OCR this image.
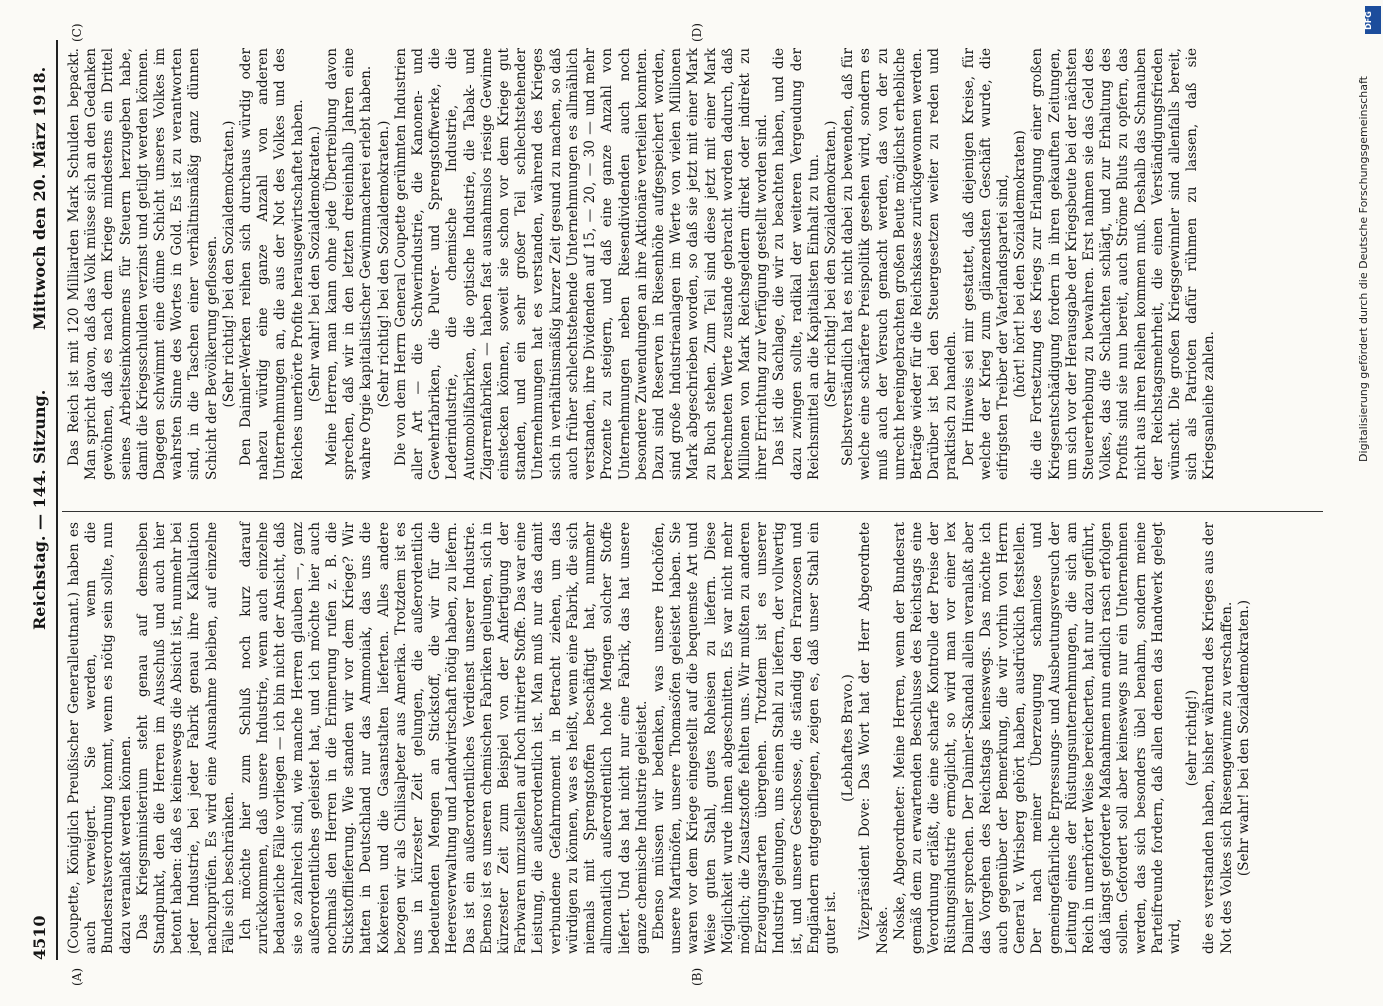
4510
Reichstag. — 144. Sitzung.
Mittwoch den 20. März 1918.
(A)	(B)
(C)	(D)

(Coupette, Königlich Preußischer Generalleutnant.) haben es auch verweigert. Sie werden, wenn die Bundesratsverordnung kommt, wenn es nötig sein sollte, nun dazu veranlaßt werden können. Das Kriegsministerium steht genau auf demselben Standpunkt, den die Herren im Ausschuß und auch hier betont haben: daß es keineswegs die Absicht ist, nunmehr bei jeder Industrie, bei jeder Fabrik genau ihre Kalkulation nachzuprüfen. Es wird eine Ausnahme bleiben, auf einzelne Fälle sich beschränken. Ich möchte hier zum Schluß noch kurz darauf zurückkommen, daß unsere Industrie, wenn auch einzelne bedauerliche Fälle vorliegen — ich bin nicht der Ansicht, daß sie so zahlreich sind, wie manche Herren glauben —, ganz außerordentliches geleistet hat, und ich möchte hier auch nochmals den Herren in die Erinnerung rufen z. B. die Stickstofflieferung. Wie standen wir vor dem Kriege? Wir hatten in Deutschland nur das Ammoniak, das uns die Kokereien und die Gasanstalten lieferten. Alles andere bezogen wir als Chilisalpeter aus Amerika. Trotzdem ist es uns in kürzester Zeit gelungen, die außerordentlich bedeutenden Mengen an Stickstoff, die wir für die Heeresverwaltung und Landwirtschaft nötig haben, zu liefern. Das ist ein außerordentliches Verdienst unserer Industrie. Ebenso ist es unseren chemischen Fabriken gelungen, sich in kürzester Zeit zum Beispiel von der Anfertigung der Farbwaren umzustellen auf hoch nitrierte Stoffe. Das war eine Leistung, die außerordentlich ist. Man muß nur das damit verbundene Gefahrmoment in Betracht ziehen, um das würdigen zu können, was es heißt, wenn eine Fabrik, die sich niemals mit Sprengstoffen beschäftigt hat, nunmehr allmonatlich außerordentlich hohe Mengen solcher Stoffe liefert. Und das hat nicht nur eine Fabrik, das hat unsere ganze chemische Industrie geleistet. Ebenso müssen wir bedenken, was unsere Hochöfen, unsere Martinöfen, unsere Thomasöfen geleistet haben. Sie waren vor dem Kriege eingestellt auf die bequemste Art und Weise guten Stahl, gutes Roheisen zu liefern. Diese Möglichkeit wurde ihnen abgeschnitten. Es war nicht mehr möglich; die Zusatzstoffe fehlten uns. Wir mußten zu anderen Erzeugungsarten übergehen. Trotzdem ist es unserer Industrie gelungen, uns einen Stahl zu liefern, der vollwertig ist, und unsere Geschosse, die ständig den Franzosen und Engländern entgegenfliegen, zeigen es, daß unser Stahl ein guter ist.

(Lebhaftes Bravo.) Vizepräsident Dove: Das Wort hat der Herr Abgeordnete Noske. Noske, Abgeordneter: Meine Herren, wenn der Bundesrat gemäß dem zu erwartenden Beschlusse des Reichstags eine Verordnung erläßt, die eine scharfe Kontrolle der Preise der Rüstungsindustrie ermöglicht, so wird man vor einer lex Daimler sprechen. Der Daimler-Skandal allein veranlaßt aber das Vorgehen des Reichstags keineswegs. Das möchte ich auch gegenüber der Bemerkung, die wir vorhin von Herrn General v. Wrisberg gehört haben, ausdrücklich feststellen. Der nach meiner Überzeugung schamlose und gemeingefährliche Erpressungs- und Ausbeutungsversuch der Leitung eines der Rüstungsunternehmungen, die sich am Reich in unerhörter Weise bereicherten, hat nur dazu geführt, daß längst geforderte Maßnahmen nun endlich rasch erfolgen sollen. Gefordert soll aber keineswegs nur ein Unternehmen werden, das sich besonders übel benahm, sondern meine Parteifreunde fordern, daß allen denen das Handwerk gelegt wird,

(sehr richtig!) die es verstanden haben, bisher während des Krieges aus der Not des Volkes sich Riesengewinne zu verschaffen. (Sehr wahr! bei den Sozialdemokraten.)

Das Reich ist mit 120 Milliarden Mark Schulden bepackt. Man spricht davon, daß das Volk müsse sich an den Gedanken gewöhnen, daß es nach dem Kriege mindestens ein Drittel seines Arbeitseinkommens für Steuern herzugeben habe, damit die Kriegsschulden verzinst und getilgt werden können. Dagegen schwimmt eine dünne Schicht unseres Volkes im wahrsten Sinne des Wortes in Gold. Es ist zu verantworten sind, in die Taschen einer verhältnismäßig ganz dünnen Schicht der Bevölkerung geflossen. (Sehr richtig! bei den Sozialdemokraten.) Den Daimler-Werken reihen sich durchaus würdig oder nahezu würdig eine ganze Anzahl von anderen Unternehmungen an, die aus der Not des Volkes und des Reiches unerhörte Profite herausgewirtschaftet haben. (Sehr wahr! bei den Sozialdemokraten.) Meine Herren, man kann ohne jede Übertreibung davon sprechen, daß wir in den letzten dreieinhalb Jahren eine wahre Orgie kapitalistischer Gewinnmacherei erlebt haben. (Sehr richtig! bei den Sozialdemokraten.) Die von dem Herrn General Coupette gerühmten Industrien aller Art — die Schwerindustrie, die Kanonen- und Gewehrfabriken, die Pulver- und Sprengstoffwerke, die Lederindustrie, die chemische Industrie, die Automobilfabriken, die optische Industrie, die Tabak- und Zigarrenfabriken — haben fast ausnahmslos riesige Gewinne einstecken können, soweit sie schon vor dem Kriege gut standen, und ein sehr großer Teil schlechtstehender Unternehmungen hat es verstanden, während des Krieges sich in verhältnismäßig kurzer Zeit gesund zu machen, so daß auch früher schlechtstehende Unternehmungen es allmählich verstanden, ihre Dividenden auf 15, — 20, — 30 — und mehr Prozente zu steigern, und daß eine ganze Anzahl von Unternehmungen neben Riesendividenden auch noch besondere Zuwendungen an ihre Aktionäre verteilen konnten. Dazu sind Reserven in Riesenhöhe aufgespeichert worden, sind große Industrieanlagen im Werte von vielen Millionen Mark abgeschrieben worden, so daß sie jetzt mit einer Mark zu Buch stehen. Zum Teil sind diese jetzt mit einer Mark berechneten Werte zustande gebracht worden dadurch, daß Millionen von Mark Reichsgeldern direkt oder indirekt zu ihrer Errichtung zur Verfügung gestellt worden sind. Das ist die Sachlage, die wir zu beachten haben, und die dazu zwingen sollte, radikal der weiteren Vergeudung der Reichsmittel an die Kapitalisten Einhalt zu tun. (Sehr richtig! bei den Sozialdemokraten.) Selbstverständlich hat es nicht dabei zu bewenden, daß für welche eine schärfere Preispolitik gesehen wird, sondern es muß auch der Versuch gemacht werden, das von der zu unrecht hereingebrachten großen Beute möglichst erhebliche Beträge wieder für die Reichskasse zurückgewonnen werden. Darüber ist bei den Steuergesetzen weiter zu reden und praktisch zu handeln. Der Hinweis sei mir gestattet, daß diejenigen Kreise, für welche der Krieg zum glänzendsten Geschäft wurde, die eifrigsten Treiber der Vaterlandspartei sind, (hört! hört! bei den Sozialdemokraten) die die Fortsetzung des Kriegs zur Erlangung einer großen Kriegsentschädigung fordern in ihren gekauften Zeitungen, um sich vor der Herausgabe der Kriegsbeute bei der nächsten Steuererhebung zu bewahren. Erst nahmen sie das Geld des Volkes, das die Schlachten schlägt, und zur Erhaltung des Profits sind sie nun bereit, auch Ströme Bluts zu opfern, das nicht aus ihren Reihen kommen muß. Deshalb das Schnauben der Reichstagsmehrheit, die einen Verständigungsfrieden wünscht. Die großen Kriegsgewinnler sind allenfalls bereit, sich als Patrioten dafür rühmen zu lassen, daß sie Kriegsanleihe zahlen.	Digitalisierung gefördert durch die Deutsche Forschungsgemeinschaft
DFG
